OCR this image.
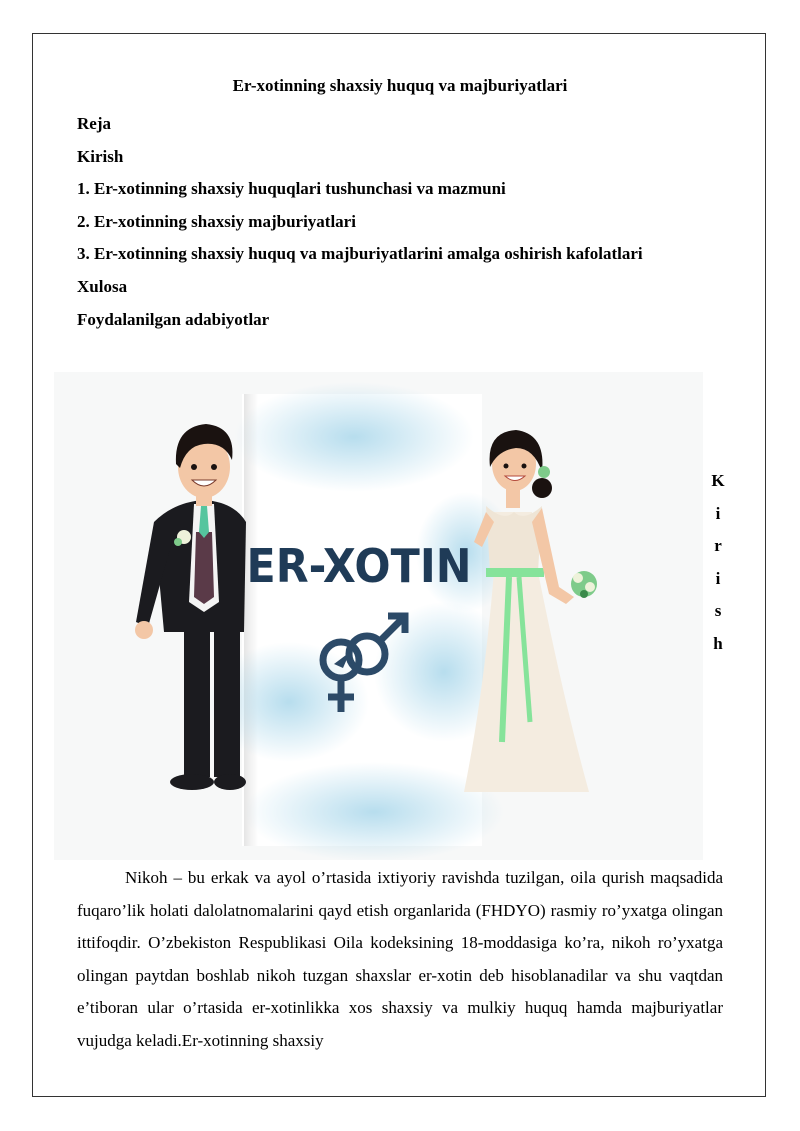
Er-xotinning shaxsiy huquq va majburiyatlari
Reja
Kirish
1. Er-xotinning shaxsiy huquqlari tushunchasi va mazmuni
2. Er-xotinning shaxsiy majburiyatlari
3. Er-xotinning shaxsiy huquq va majburiyatlarini amalga oshirish kafolatlari
Xulosa
Foydalanilgan adabiyotlar
ER-XOTIN
K
i
r
i
s
h

Nikoh – bu erkak va ayol o’rtasida ixtiyoriy ravishda tuzilgan, oila qurish maqsadida fuqaro’lik holati dalolatnomalarini qayd etish organlarida (FHDYO) rasmiy ro’yxatga olingan ittifoqdir. O’zbekiston Respublikasi Oila kodeksining 18-moddasiga ko’ra, nikoh ro’yxatga olingan paytdan boshlab nikoh tuzgan shaxslar er-xotin deb hisoblanadilar va shu vaqtdan e’tiboran ular o’rtasida er-xotinlikka xos shaxsiy va mulkiy huquq hamda majburiyatlar vujudga keladi.Er-xotinning shaxsiy
